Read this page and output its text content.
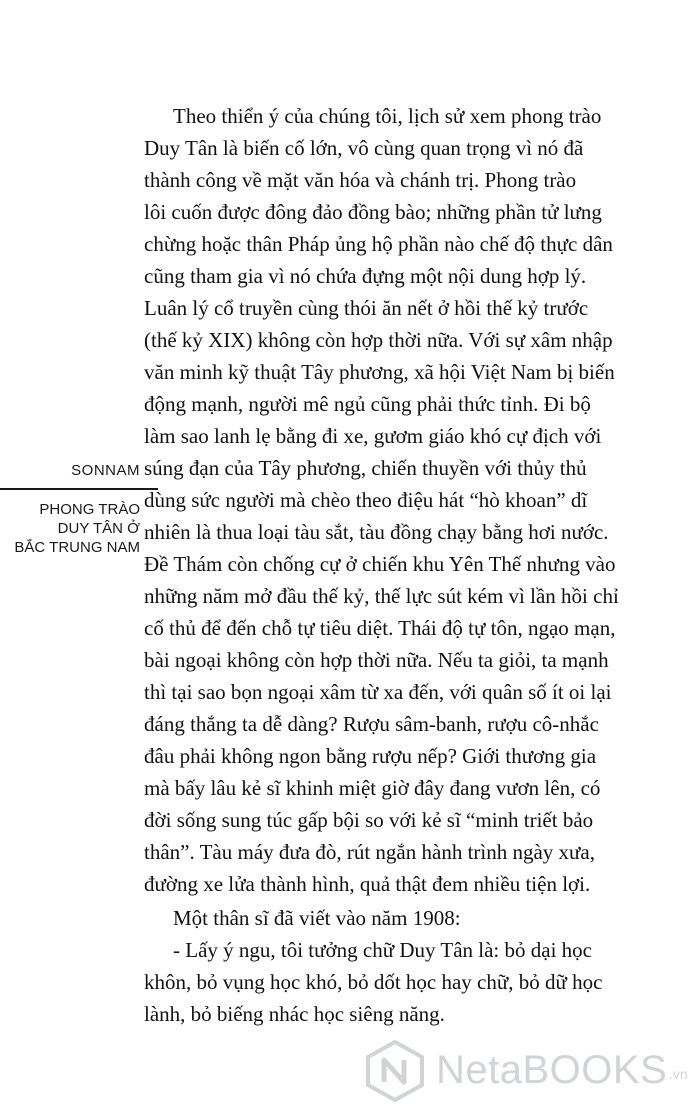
SONNAM
PHONG TRÀO
DUY TÂN Ở
BẮC TRUNG NAM
Theo thiển ý của chúng tôi, lịch sử xem phong trào
Duy Tân là biến cố lớn, vô cùng quan trọng vì nó đã
thành công về mặt văn hóa và chánh trị. Phong trào
lôi cuốn được đông đảo đồng bào; những phần tử lưng
chừng hoặc thân Pháp ủng hộ phần nào chế độ thực dân
cũng tham gia vì nó chứa đựng một nội dung hợp lý.
Luân lý cổ truyền cùng thói ăn nết ở hồi thế kỷ trước
(thế kỷ XIX) không còn hợp thời nữa. Với sự xâm nhập
văn minh kỹ thuật Tây phương, xã hội Việt Nam bị biến
động mạnh, người mê ngủ cũng phải thức tỉnh. Đi bộ
làm sao lanh lẹ bằng đi xe, gươm giáo khó cự địch với
súng đạn của Tây phương, chiến thuyền với thủy thủ
dùng sức người mà chèo theo điệu hát “hò khoan” dĩ
nhiên là thua loại tàu sắt, tàu đồng chạy bằng hơi nước.
Đề Thám còn chống cự ở chiến khu Yên Thế nhưng vào
những năm mở đầu thế kỷ, thế lực sút kém vì lần hồi chỉ
cố thủ để đến chỗ tự tiêu diệt. Thái độ tự tôn, ngạo mạn,
bài ngoại không còn hợp thời nữa. Nếu ta giỏi, ta mạnh
thì tại sao bọn ngoại xâm từ xa đến, với quân số ít oi lại
đáng thắng ta dễ dàng? Rượu sâm-banh, rượu cô-nhắc
đâu phải không ngon bằng rượu nếp? Giới thương gia
mà bấy lâu kẻ sĩ khinh miệt giờ đây đang vươn lên, có
đời sống sung túc gấp bội so với kẻ sĩ “minh triết bảo
thân”. Tàu máy đưa đò, rút ngắn hành trình ngày xưa,
đường xe lửa thành hình, quả thật đem nhiều tiện lợi.
Một thân sĩ đã viết vào năm 1908:
- Lấy ý ngu, tôi tưởng chữ Duy Tân là: bỏ dại học
khôn, bỏ vụng học khó, bỏ dốt học hay chữ, bỏ dữ học
lành, bỏ biếng nhác học siêng năng.
NetaBOOKS .vn
